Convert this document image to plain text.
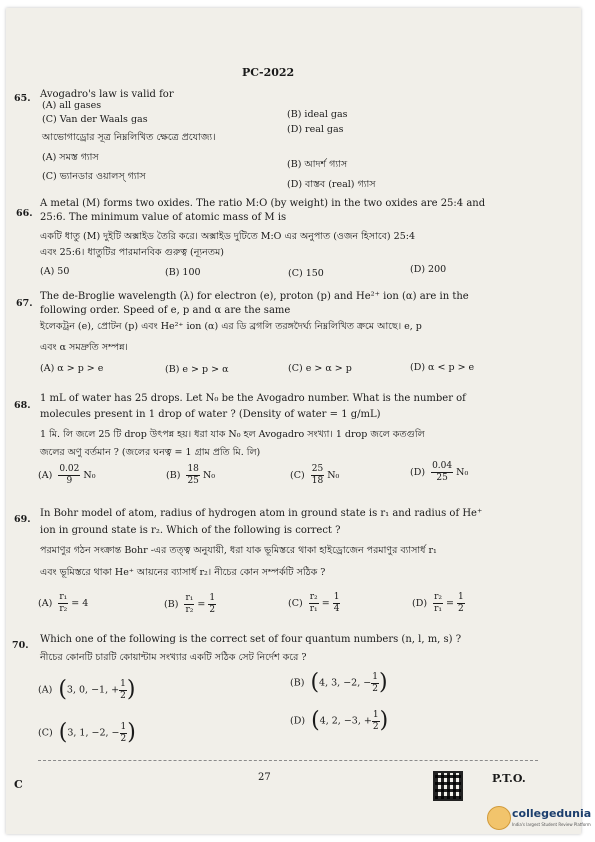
PC-2022
65. Avogadro's law is valid for
(A) all gases
(B) ideal gas
(C) Van der Waals gas
(D) real gas
আভোগাড্রোর সূত্র নিম্নলিখিত ক্ষেত্রে প্রযোজ্য।
(A) সমস্ত গ্যাস
(B) আদর্শ গ্যাস
(C) ভ্যানডার ওয়ালস্ গ্যাস
(D) বাস্তব (real) গ্যাস
66.
A metal (M) forms two oxides. The ratio M:O (by weight) in the two oxides are 25:4 and
25:6. The minimum value of atomic mass of M is
একটি ধাতু (M) দুইটি অক্সাইড তৈরি করে। অক্সাইড দুটিতে M:O এর অনুপাত (ওজন হিসাবে) 25:4
এবং 25:6। ধাতুটির পারমানবিক গুরুত্ব (ন্যূনতম)
(A) 50	(B) 100	(C) 150	(D) 200
67.
The de-Broglie wavelength (λ) for electron (e), proton (p) and He²⁺ ion (α) are in the
following order. Speed of e, p and α are the same
ইলেকট্রন (e), প্রোটন (p) এবং He²⁺ ion (α) এর ডি ব্রগলি তরঙ্গদৈর্ঘ্য নিম্নলিখিত ক্রমে আছে। e, p
এবং α সমদ্রুতি সম্পন্ন।
(A) α > p > e	(B) e > p > α	(C) e > α > p	(D) α < p > e
68.
1 mL of water has 25 drops. Let N₀ be the Avogadro number. What is the number of
molecules present in 1 drop of water ? (Density of water = 1 g/mL)
1 মি. লি জলে 25 টি drop উৎপন্ন হয়। ধরা যাক N₀ হল Avogadro সংখ্যা। 1 drop জলে কতগুলি
জলের অণু বর্তমান ? (জলের ঘনত্ব = 1 গ্রাম প্রতি মি. লি)
$(A) \frac{0.02}{9} N_0$	$(B) \frac{18}{25} N_0$	$(C) \frac{25}{18} N_0$	$(D) \frac{0.04}{25} N_0$
69.
In Bohr model of atom, radius of hydrogen atom in ground state is r₁ and radius of He⁺
ion in ground state is r₂. Which of the following is correct ?
পরমাণুর গঠন সংক্রান্ত Bohr -এর তত্ত্ব অনুযায়ী, ধরা যাক ভূমিস্তরে থাকা হাইড্রোজেন পরমাণুর ব্যাসার্ধ r₁
এবং ভূমিস্তরে থাকা He⁺ আয়নের ব্যাসার্ধ r₂। নীচের কোন সম্পর্কটি সঠিক ?
$(A) \frac{\text{r₁}}{\text{r₂}} = 4$	$(B) \frac{\text{r₁}}{\text{r₂}} = \frac{1}{2}$	$(C) \frac{\text{r₂}}{\text{r₁}} = \frac{1}{4}$	$(D) \frac{\text{r₂}}{\text{r₁}} = \frac{1}{2}$
70.
Which one of the following is the correct set of four quantum numbers (n, l, m, s) ?
নীচের কোনটি চারটি কোয়ান্টাম সংখ্যার একটি সঠিক সেট নির্দেশ করে ?
(A) (3, 0, −1, + $\frac{1}{2}$ )	(B) (4, 3, −2, − $\frac{1}{2}$ )
(C) (3, 1, −2, − $\frac{1}{2}$ )	(D) (4, 2, −3, + $\frac{1}{2}$ )
C
27	P.T.O.
collegedunia
India's largest Student Review Platform
